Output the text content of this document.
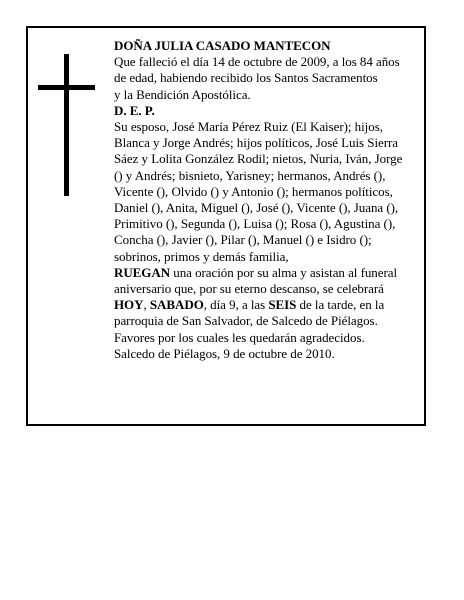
DOÑA JULIA CASADO MANTECON

Que falleció el día 14 de octubre de 2009, a los 84 años

de edad, habiendo recibido los Santos Sacramentos

y la Bendición Apostólica.

D. E. P.

Su esposo, José María Pérez Ruiz (El Kaiser); hijos,

Blanca y Jorge Andrés; hijos políticos, José Luis Sierra

Sáez y Lolita González Rodil; nietos, Nuria, Iván, Jorge

() y Andrés; bisnieto, Yarisney; hermanos, Andrés (),

Vicente (), Olvido () y Antonio (); hermanos políticos,

Daniel (), Anita, Miguel (), José (), Vicente (), Juana (),

Primitivo (), Segunda (), Luisa (); Rosa (), Agustina (),

Concha (), Javier (), Pilar (), Manuel () e Isidro ();

sobrinos, primos y demás familia,

RUEGAN una oración por su alma y asistan al funeral

aniversario que, por su eterno descanso, se celebrará

HOY, SABADO, día 9, a las SEIS de la tarde, en la

parroquia de San Salvador, de Salcedo de Piélagos.

Favores por los cuales les quedarán agradecidos.

Salcedo de Piélagos, 9 de octubre de 2010.
